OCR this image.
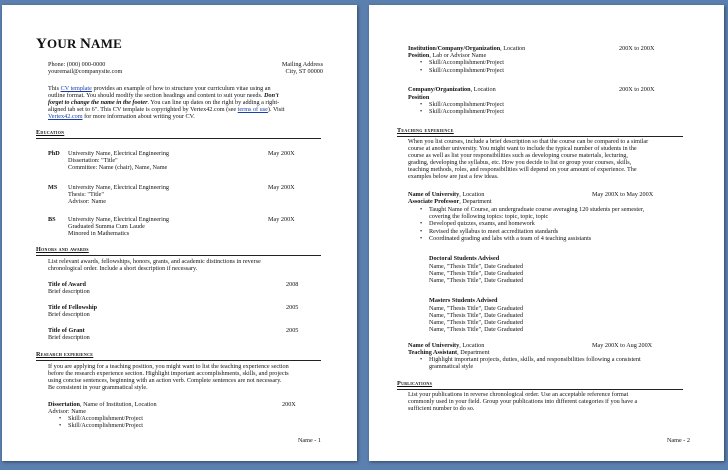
YOUR NAME
Phone: (000) 000-0000
youremail@companysite.com
Mailing Address
City, ST 00000
This CV template provides an example of how to structure your curriculum vitae using an
outline format. You should modify the section headings and content to suit your needs. Don't
forget to change the name in the footer. You can line up dates on the right by adding a right-
aligned tab set to 6". This CV template is copyrighted by Vertex42.com (see terms of use). Visit
Vertex42.com for more information about writing your CV.
Education
PhD University Name, Electrical Engineering	May 200X
Dissertation: "Title"
Committee: Name (chair), Name, Name
MS University Name, Electrical Engineering	May 200X
Thesis: "Title"
Advisor: Name
BS University Name, Electrical Engineering	May 200X
Graduated Summa Cum Laude
Minored in Mathematics
Honors and awards
List relevant awards, fellowships, honors, grants, and academic distinctions in reverse
chronological order. Include a short description if necessary.
Title of Award	2008
Brief description
Title of Fellowship	2005
Brief description
Title of Grant	2005
Brief description
Research experience
If you are applying for a teaching position, you might want to list the teaching experience section
before the research experience section. Highlight important accomplishments, skills, and projects
using concise sentences, beginning with an action verb. Complete sentences are not necessary.
Be consistent in your grammatical style.
Dissertation, Name of Institution, Location	200X
Advisor: Name
• Skill/Accomplishment/Project
• Skill/Accomplishment/Project
Name - 1
Institution/Company/Organization, Location	200X to 200X
Position, Lab or Advisor Name
• Skill/Accomplishment/Project
• Skill/Accomplishment/Project
Company/Organization, Location	200X to 200X
Position
• Skill/Accomplishment/Project
• Skill/Accomplishment/Project
Teaching experience
When you list courses, include a brief description so that the course can be compared to a similar
course at another university. You might want to include the typical number of students in the
course as well as list your responsibilities such as developing course materials, lecturing,
grading, developing the syllabus, etc. How you decide to list or group your courses, skills,
teaching methods, roles, and responsibilities will depend on your amount of experience. The
examples below are just a few ideas.
Name of University, Location	May 200X to May 200X
Associate Professor, Department
• Taught Name of Course, an undergraduate course averaging 120 students per semester,
covering the following topics: topic, topic, topic
• Developed quizzes, exams, and homework
• Revised the syllabus to meet accreditation standards
• Coordinated grading and labs with a team of 4 teaching assistants
Doctoral Students Advised
Name, "Thesis Title", Date Graduated
Name, "Thesis Title", Date Graduated
Name, "Thesis Title", Date Graduated
Masters Students Advised
Name, "Thesis Title", Date Graduated
Name, "Thesis Title", Date Graduated
Name, "Thesis Title", Date Graduated
Name, "Thesis Title", Date Graduated
Name of University, Location	May 200X to Aug 200X
Teaching Assistant, Department
• Highlight important projects, duties, skills, and responsibilities following a consistent
grammatical style
Publications
List your publications in reverse chronological order. Use an acceptable reference format
commonly used in your field. Group your publications into different categories if you have a
sufficient number to do so.
Name - 2
